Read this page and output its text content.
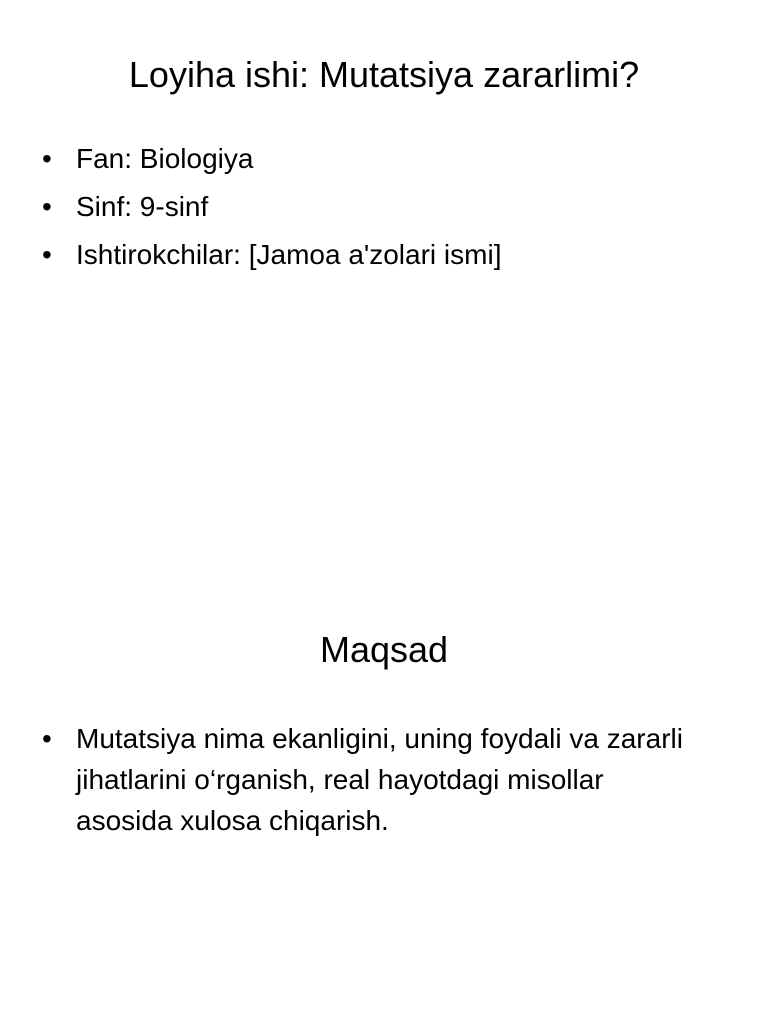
Loyiha ishi: Mutatsiya zararlimi?
• Fan: Biologiya
• Sinf: 9-sinf
• Ishtirokchilar: [Jamoa a'zolari ismi]
Maqsad
• Mutatsiya nima ekanligini, uning foydali va zararli jihatlarini o‘rganish, real hayotdagi misollar asosida xulosa chiqarish.
